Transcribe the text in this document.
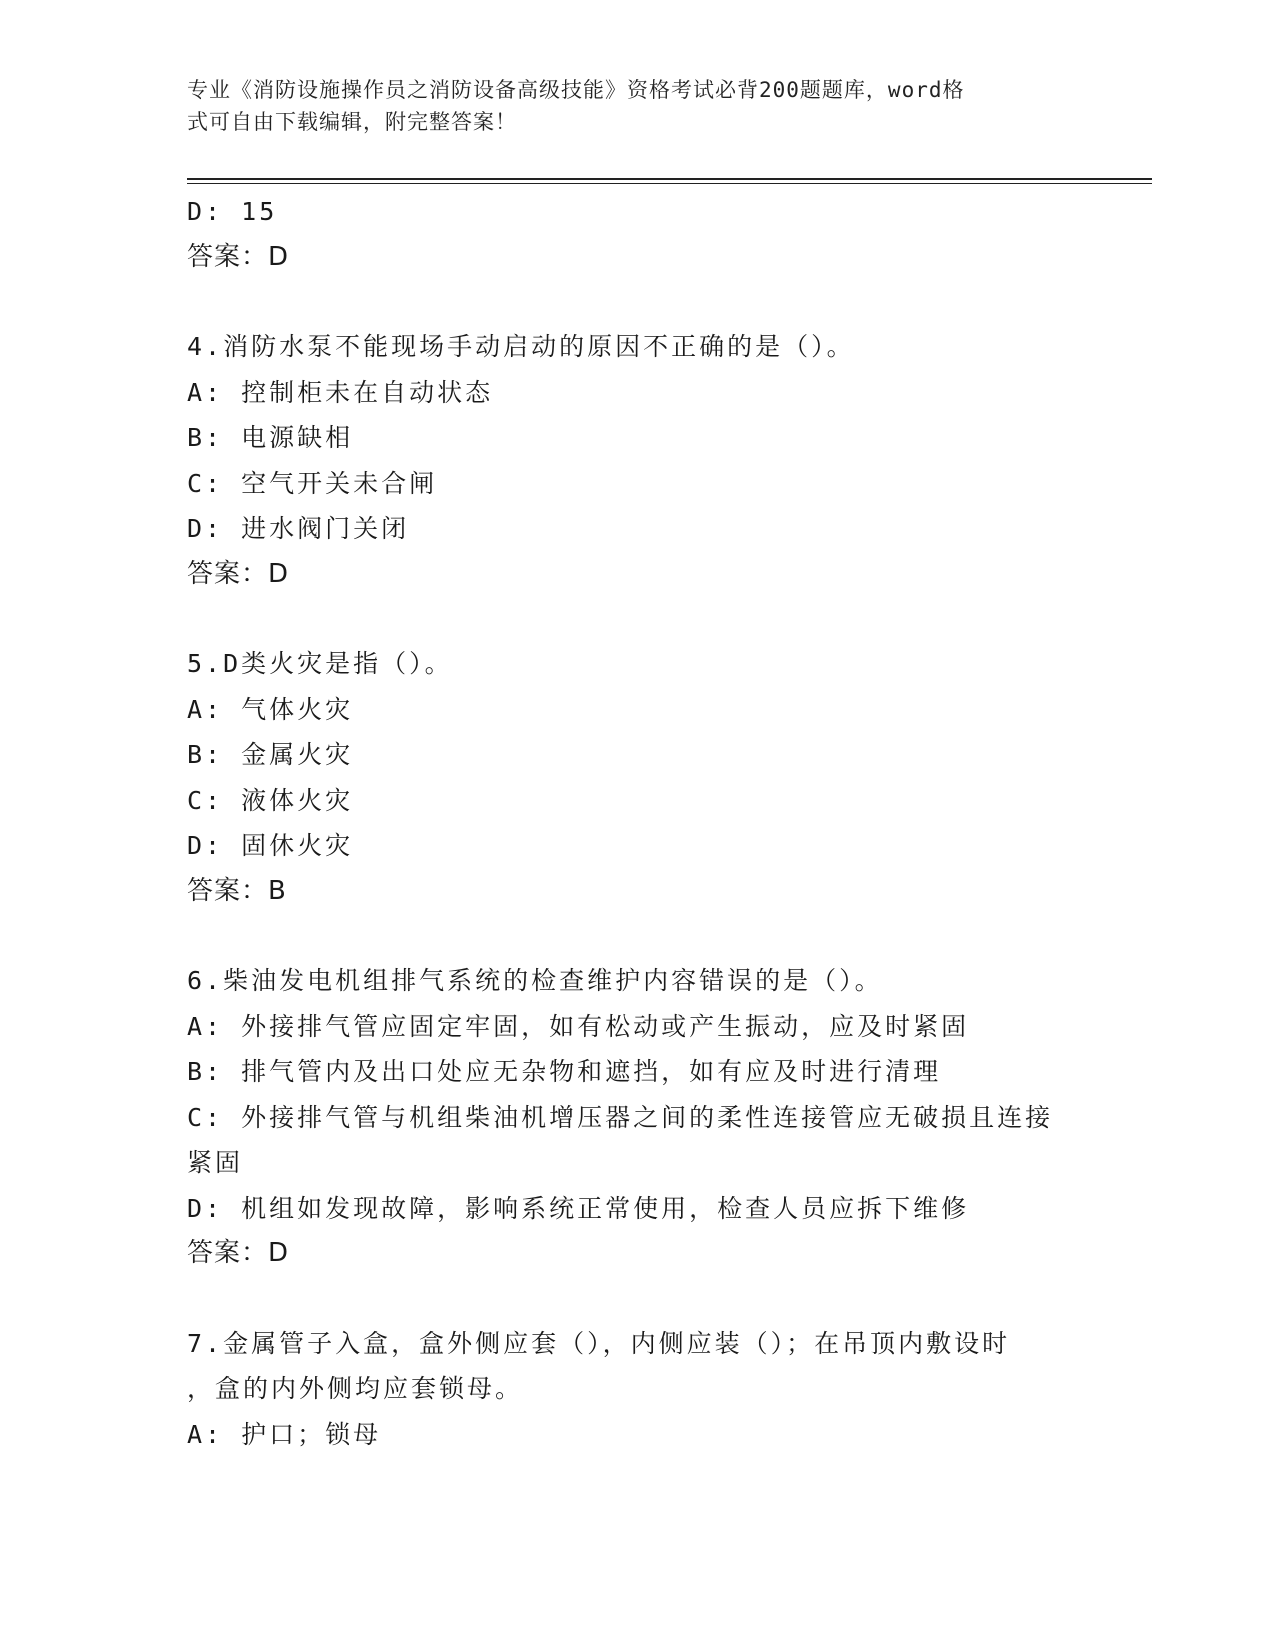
专业《消防设施操作员之消防设备高级技能》资格考试必背200题题库，word格
式可自由下载编辑，附完整答案！
D: 15
答案：D
4.消防水泵不能现场手动启动的原因不正确的是（）。
A: 控制柜未在自动状态
B: 电源缺相
C: 空气开关未合闸
D: 进水阀门关闭
答案：D
5.D类火灾是指（）。
A: 气体火灾
B: 金属火灾
C: 液体火灾
D: 固休火灾
答案：B
6.柴油发电机组排气系统的检查维护内容错误的是（）。
A: 外接排气管应固定牢固，如有松动或产生振动，应及时紧固
B: 排气管内及出口处应无杂物和遮挡，如有应及时进行清理
C: 外接排气管与机组柴油机增压器之间的柔性连接管应无破损且连接
紧固
D: 机组如发现故障，影响系统正常使用，检查人员应拆下维修
答案：D
7.金属管子入盒，盒外侧应套（），内侧应装（）；在吊顶内敷设时
，盒的内外侧均应套锁母。
A: 护口；锁母
